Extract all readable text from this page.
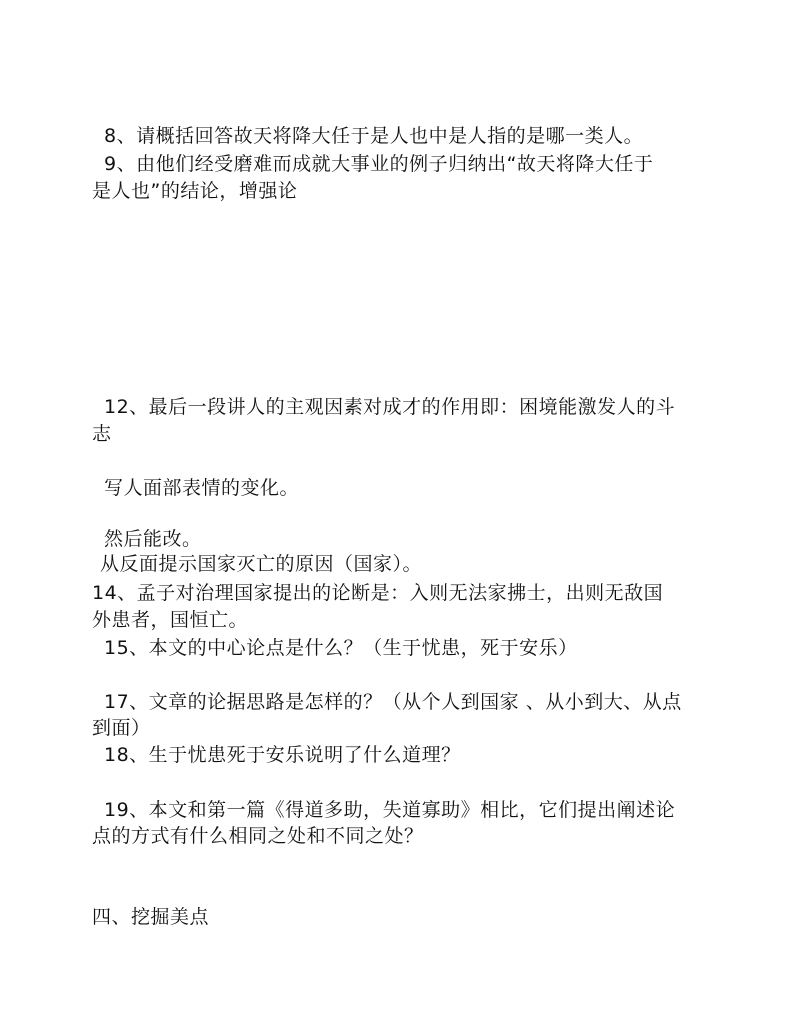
8、请概括回答故天将降大任于是人也中是人指的是哪一类人。
9、由他们经受磨难而成就大事业的例子归纳出“故天将降大任于
是人也”的结论，增强论
12、最后一段讲人的主观因素对成才的作用即：困境能激发人的斗
志
写人面部表情的变化。
然后能改。
从反面提示国家灭亡的原因（国家）。
14、孟子对治理国家提出的论断是：入则无法家拂士，出则无敌国
外患者，国恒亡。
15、本文的中心论点是什么？（生于忧患，死于安乐）
17、文章的论据思路是怎样的？（从个人到国家 、从小到大、从点
到面）
18、生于忧患死于安乐说明了什么道理？
19、本文和第一篇《得道多助，失道寡助》相比，它们提出阐述论
点的方式有什么相同之处和不同之处？
四、挖掘美点
